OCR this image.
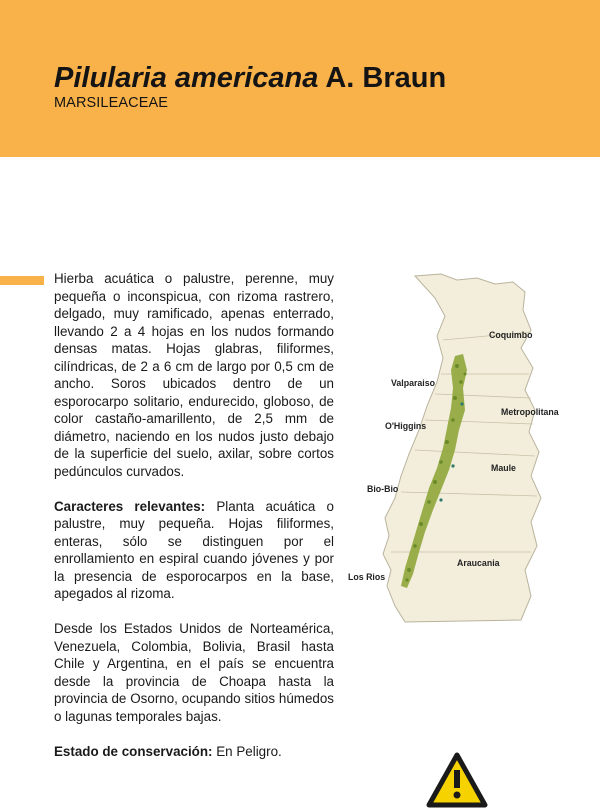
Pilularia americana A. Braun
MARSILEACEAE

Hierba acuática o palustre, perenne, muy pequeña o inconspicua, con rizoma rastrero, delgado, muy ramificado, apenas enterrado, llevando 2 a 4 hojas en los nudos formando densas matas. Hojas glabras, filiformes, cilíndricas, de 2 a 6 cm de largo por 0,5 cm de ancho. Soros ubicados dentro de un esporocarpo solitario, endurecido, globoso, de color castaño-amarillento, de 2,5 mm de diámetro, naciendo en los nudos justo debajo de la superficie del suelo, axilar, sobre cortos pedúnculos curvados.

Caracteres relevantes: Planta acuática o palustre, muy pequeña. Hojas filiformes, enteras, sólo se distinguen por el enrollamiento en espiral cuando jóvenes y por la presencia de esporocarpos en la base, apegados al rizoma.

Desde los Estados Unidos de Norteamérica, Venezuela, Colombia, Bolivia, Brasil hasta Chile y Argentina, en el país se encuentra desde la provincia de Choapa hasta la provincia de Osorno, ocupando sitios húmedos o lagunas temporales bajas.

Estado de conservación: En Peligro.

Coquimbo
Valparaiso
Metropolitana
O'Higgins
Maule
Bio-Bio
Araucania
Los Rios
